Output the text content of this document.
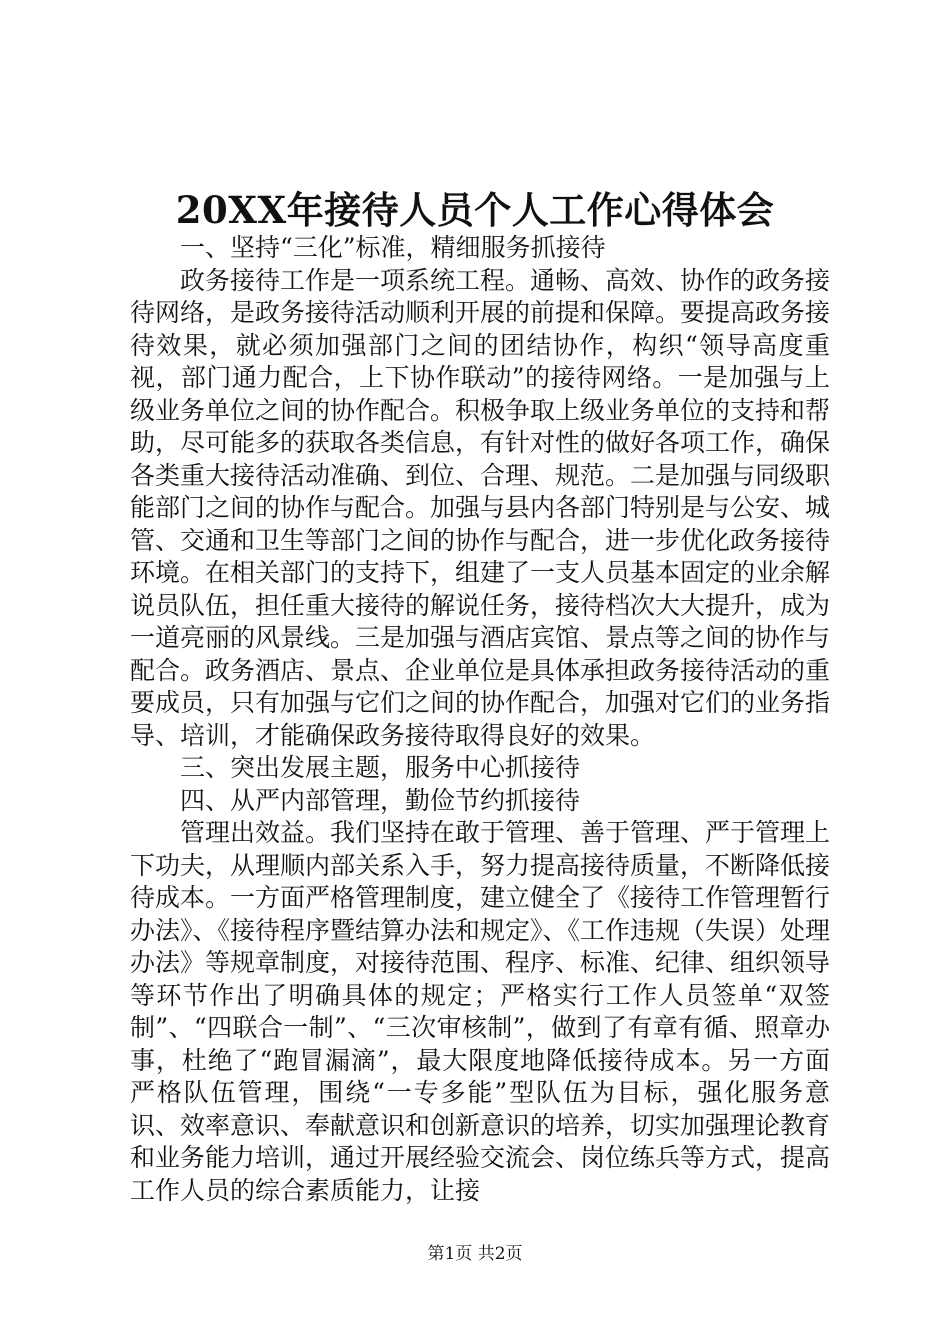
20XX年接待人员个人工作心得体会

一、坚持“三化”标准，精细服务抓接待

政务接待工作是一项系统工程。通畅、高效、协作的政务接待网络，是政务接待活动顺利开展的前提和保障。要提高政务接待效果，就必须加强部门之间的团结协作，构织“领导高度重视，部门通力配合，上下协作联动”的接待网络。一是加强与上级业务单位之间的协作配合。积极争取上级业务单位的支持和帮助，尽可能多的获取各类信息，有针对性的做好各项工作，确保各类重大接待活动准确、到位、合理、规范。二是加强与同级职能部门之间的协作与配合。加强与县内各部门特别是与公安、城管、交通和卫生等部门之间的协作与配合，进一步优化政务接待环境。在相关部门的支持下，组建了一支人员基本固定的业余解说员队伍，担任重大接待的解说任务，接待档次大大提升，成为一道亮丽的风景线。三是加强与酒店宾馆、景点等之间的协作与配合。政务酒店、景点、企业单位是具体承担政务接待活动的重要成员，只有加强与它们之间的协作配合，加强对它们的业务指导、培训，才能确保政务接待取得良好的效果。

三、突出发展主题，服务中心抓接待

四、从严内部管理，勤俭节约抓接待

管理出效益。我们坚持在敢于管理、善于管理、严于管理上下功夫，从理顺内部关系入手，努力提高接待质量，不断降低接待成本。一方面严格管理制度，建立健全了《接待工作管理暂行办法》、《接待程序暨结算办法和规定》、《工作违规（失误）处理办法》等规章制度，对接待范围、程序、标准、纪律、组织领导等环节作出了明确具体的规定；严格实行工作人员签单“双签制”、“四联合一制”、“三次审核制”，做到了有章有循、照章办事，杜绝了“跑冒漏滴”，最大限度地降低接待成本。另一方面严格队伍管理，围绕“一专多能”型队伍为目标，强化服务意识、效率意识、奉献意识和创新意识的培养，切实加强理论教育和业务能力培训，通过开展经验交流会、岗位练兵等方式，提高工作人员的综合素质能力，让接

第1页 共2页
